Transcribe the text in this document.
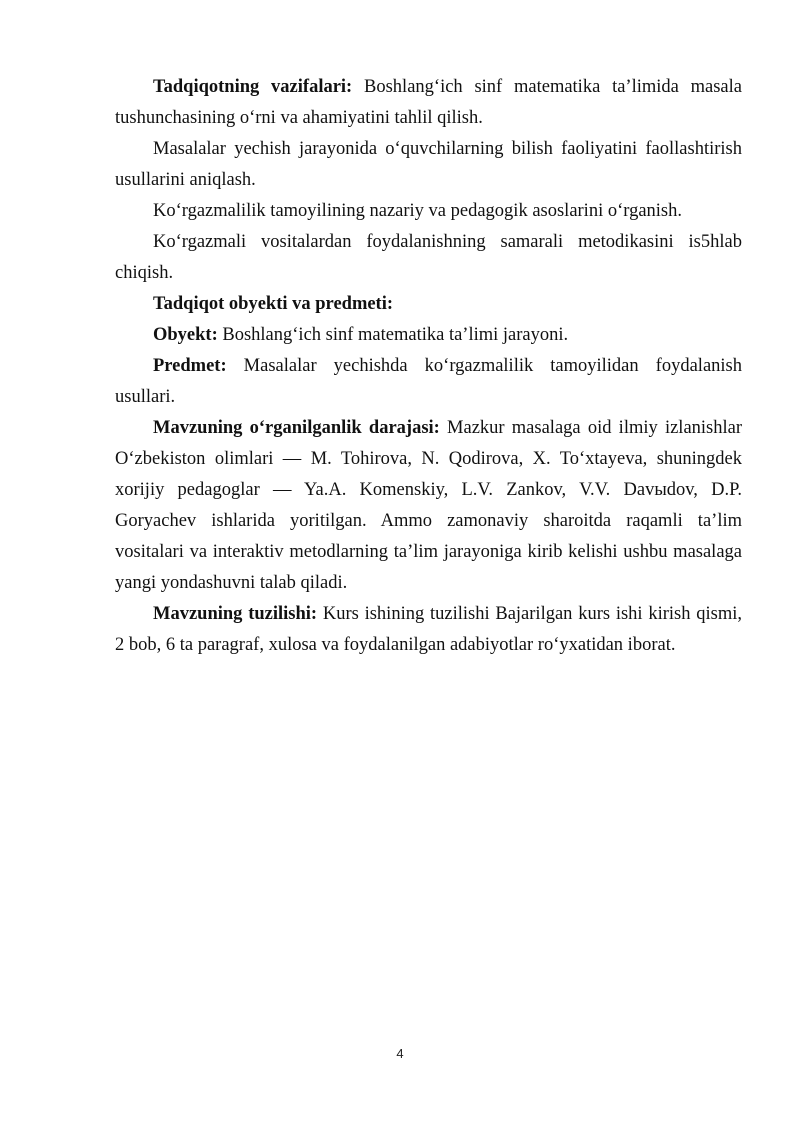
Tadqiqotning vazifalari: Boshlang‘ich sinf matematika ta’limida masala tushunchasining o‘rni va ahamiyatini tahlil qilish.

Masalalar yechish jarayonida o‘quvchilarning bilish faoliyatini faollashtirish usullarini aniqlash.

Ko‘rgazmalilik tamoyilining nazariy va pedagogik asoslarini o‘rganish.

Ko‘rgazmali vositalardan foydalanishning samarali metodikasini is5hlab chiqish.

Tadqiqot obyekti va predmeti:

Obyekt: Boshlang‘ich sinf matematika ta’limi jarayoni.

Predmet: Masalalar yechishda ko‘rgazmalilik tamoyilidan foydalanish usullari.

Mavzuning o‘rganilganlik darajasi: Mazkur masalaga oid ilmiy izlanishlar O‘zbekiston olimlari — M. Tohirova, N. Qodirova, X. To‘xtayeva, shuningdek xorijiy pedagoglar — Ya.A. Komenskiy, L.V. Zankov, V.V. Davыdov, D.P. Goryachev ishlarida yoritilgan. Ammo zamonaviy sharoitda raqamli ta’lim vositalari va interaktiv metodlarning ta’lim jarayoniga kirib kelishi ushbu masalaga yangi yondashuvni talab qiladi.

Mavzuning tuzilishi: Kurs ishining tuzilishi Bajarilgan kurs ishi kirish qismi, 2 bob, 6 ta paragraf, xulosa va foydalanilgan adabiyotlar ro‘yxatidan iborat.

4
